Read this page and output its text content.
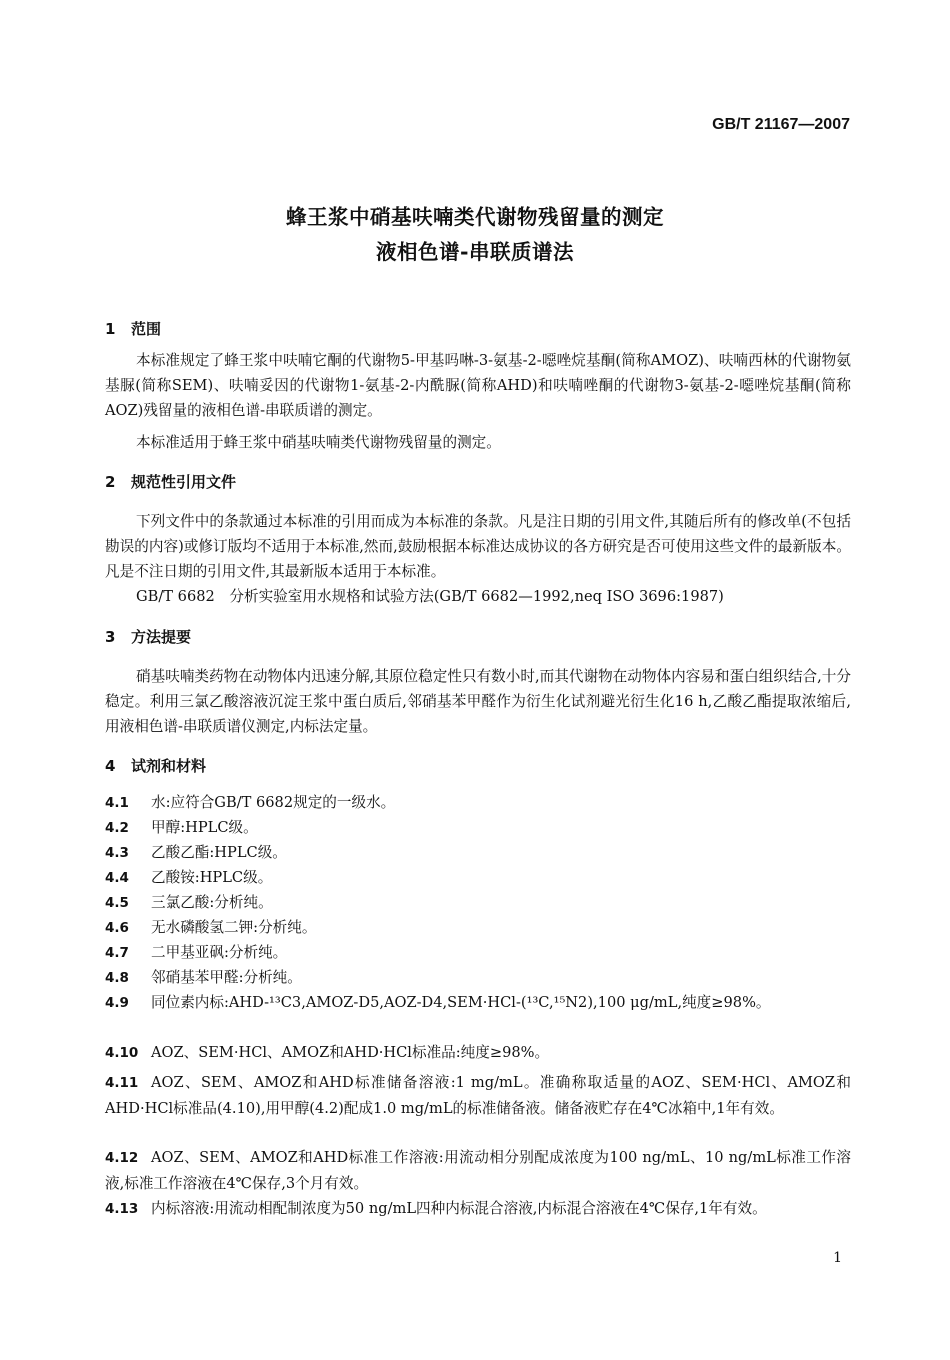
GB/T 21167—2007
蜂王浆中硝基呋喃类代谢物残留量的测定
液相色谱-串联质谱法
1 范围

本标准规定了蜂王浆中呋喃它酮的代谢物5-甲基吗啉-3-氨基-2-噁唑烷基酮(简称AMOZ)、呋喃西林的代谢物氨基脲(简称SEM)、呋喃妥因的代谢物1-氨基-2-内酰脲(简称AHD)和呋喃唑酮的代谢物3-氨基-2-噁唑烷基酮(简称AOZ)残留量的液相色谱-串联质谱的测定。

本标准适用于蜂王浆中硝基呋喃类代谢物残留量的测定。

2 规范性引用文件

下列文件中的条款通过本标准的引用而成为本标准的条款。凡是注日期的引用文件,其随后所有的修改单(不包括勘误的内容)或修订版均不适用于本标准,然而,鼓励根据本标准达成协议的各方研究是否可使用这些文件的最新版本。凡是不注日期的引用文件,其最新版本适用于本标准。

GB/T 6682　分析实验室用水规格和试验方法(GB/T 6682—1992,neq ISO 3696:1987)

3 方法提要

硝基呋喃类药物在动物体内迅速分解,其原位稳定性只有数小时,而其代谢物在动物体内容易和蛋白组织结合,十分稳定。利用三氯乙酸溶液沉淀王浆中蛋白质后,邻硝基苯甲醛作为衍生化试剂避光衍生化16 h,乙酸乙酯提取浓缩后,用液相色谱-串联质谱仪测定,内标法定量。

4 试剂和材料

4.1 水:应符合GB/T 6682规定的一级水。

4.2 甲醇:HPLC级。

4.3 乙酸乙酯:HPLC级。

4.4 乙酸铵:HPLC级。

4.5 三氯乙酸:分析纯。

4.6 无水磷酸氢二钾:分析纯。

4.7 二甲基亚砜:分析纯。

4.8 邻硝基苯甲醛:分析纯。

4.9 同位素内标:AHD-¹³C3,AMOZ-D5,AOZ-D4,SEM·HCl-(¹³C,¹⁵N2),100 μg/mL,纯度≥98%。

4.10 AOZ、SEM·HCl、AMOZ和AHD·HCl标准品:纯度≥98%。

4.11 AOZ、SEM、AMOZ和AHD标准储备溶液:1 mg/mL。准确称取适量的AOZ、SEM·HCl、AMOZ和AHD·HCl标准品(4.10),用甲醇(4.2)配成1.0 mg/mL的标准储备液。储备液贮存在4℃冰箱中,1年有效。

4.12 AOZ、SEM、AMOZ和AHD标准工作溶液:用流动相分别配成浓度为100 ng/mL、10 ng/mL标准工作溶液,标准工作溶液在4℃保存,3个月有效。

4.13 内标溶液:用流动相配制浓度为50 ng/mL四种内标混合溶液,内标混合溶液在4℃保存,1年有效。

1
